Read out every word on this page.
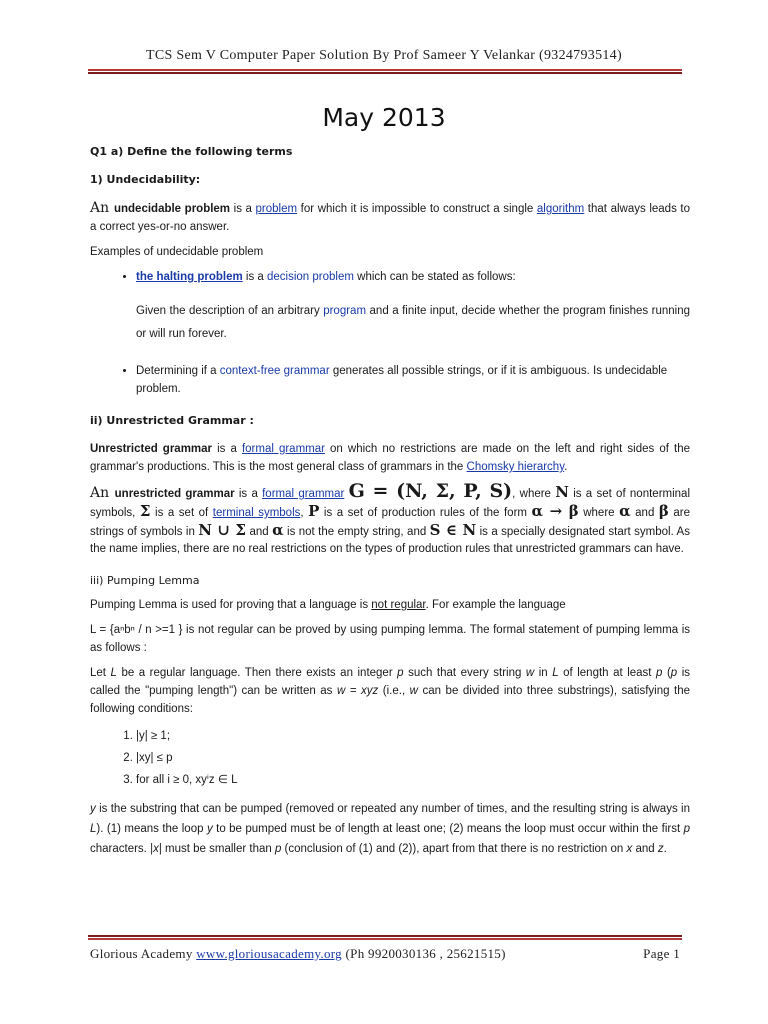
TCS Sem V Computer Paper Solution By Prof Sameer Y Velankar (9324793514)
May 2013
Q1 a) Define the following terms
1) Undecidability:

An undecidable problem is a problem for which it is impossible to construct a single algorithm that always leads to a correct yes-or-no answer.

Examples of undecidable problem

• the halting problem is a decision problem which can be stated as follows:

Given the description of an arbitrary program and a finite input, decide whether the program finishes running or will run forever.

• Determining if a context-free grammar generates all possible strings, or if it is ambiguous. Is undecidable problem.
ii) Unrestricted Grammar :

Unrestricted grammar is a formal grammar on which no restrictions are made on the left and right sides of the grammar's productions. This is the most general class of grammars in the Chomsky hierarchy.

An unrestricted grammar is a formal grammar G = (N, Σ, P, S), where N is a set of nonterminal symbols, Σ is a set of terminal symbols, P is a set of production rules of the form α → β where α and β are strings of symbols in N ∪ Σ and α is not the empty string, and S ∈ N is a specially designated start symbol. As the name implies, there are no real restrictions on the types of production rules that unrestricted grammars can have.

iii) Pumping Lemma

Pumping Lemma is used for proving that a language is not regular. For example the language

L = {aⁿbⁿ / n >=1 } is not regular can be proved by using pumping lemma. The formal statement of pumping lemma is as follows :

Let L be a regular language. Then there exists an integer p such that every string w in L of length at least p (p is called the "pumping length") can be written as w = xyz (i.e., w can be divided into three substrings), satisfying the following conditions:

1. |y| ≥ 1;
2. |xy| ≤ p
3. for all i ≥ 0, xyⁱz ∈ L

y is the substring that can be pumped (removed or repeated any number of times, and the resulting string is always in L). (1) means the loop y to be pumped must be of length at least one; (2) means the loop must occur within the first p characters. |x| must be smaller than p (conclusion of (1) and (2)), apart from that there is no restriction on x and z.

Glorious Academy www.gloriousacademy.org (Ph 9920030136 , 25621515)	Page 1
